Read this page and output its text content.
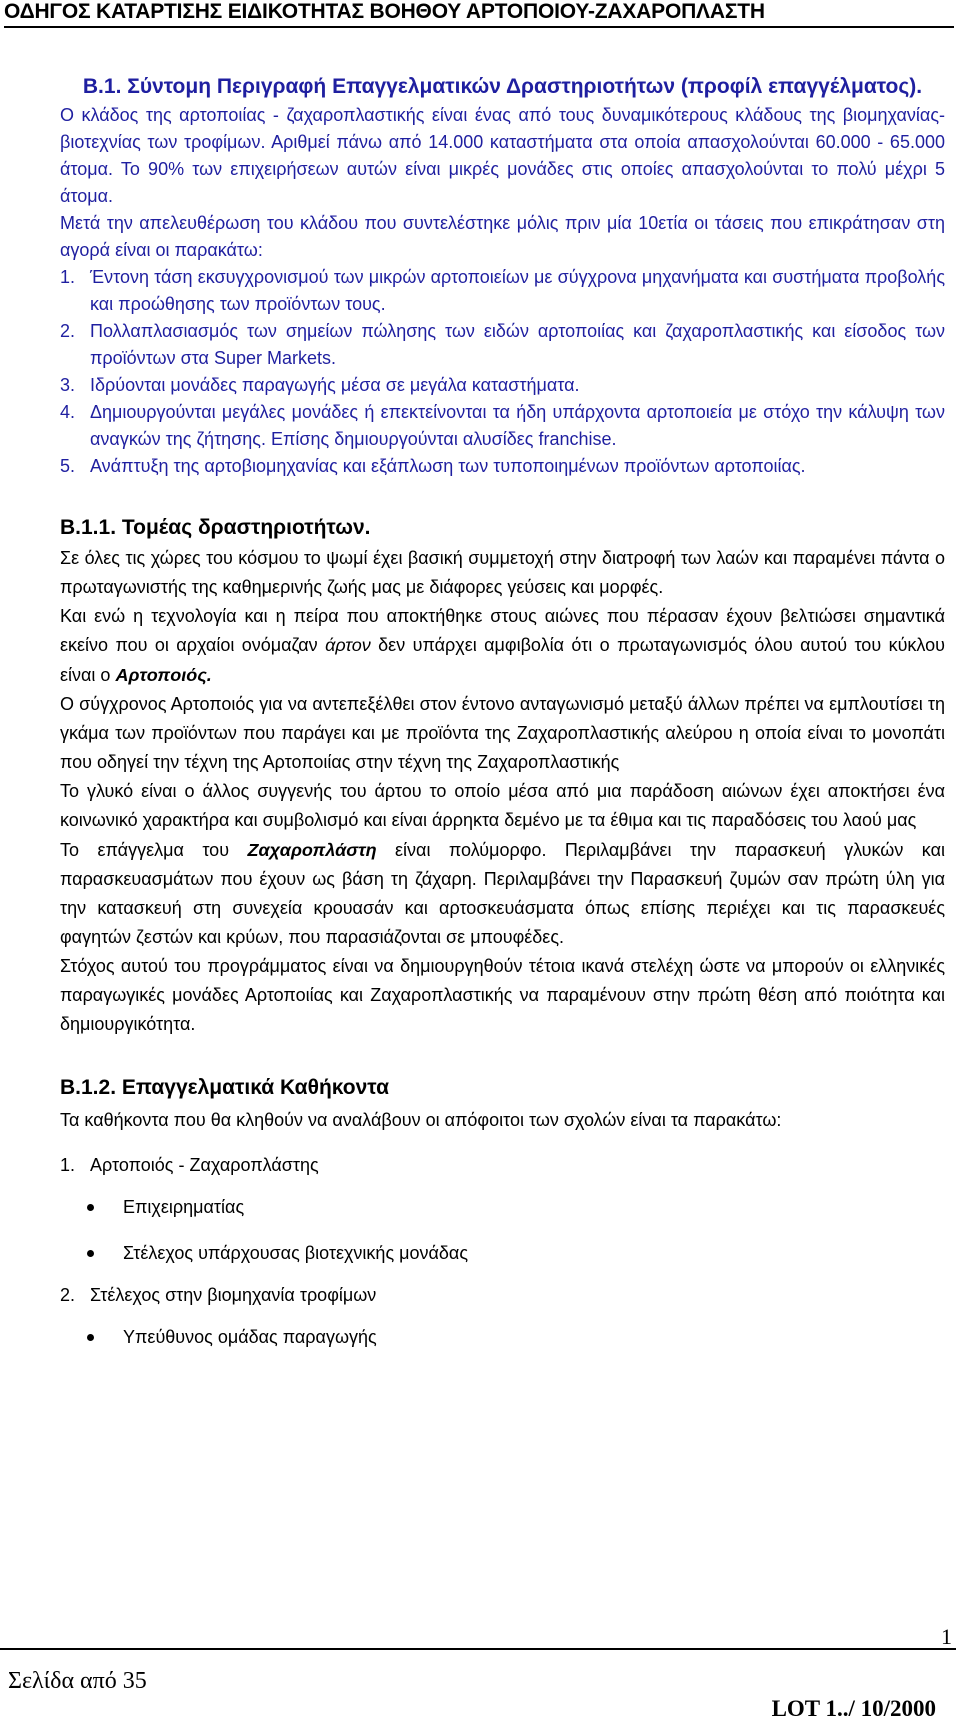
ΟΔΗΓΟΣ ΚΑΤΑΡΤΙΣΗΣ ΕΙΔΙΚΟΤΗΤΑΣ ΒΟΗΘΟΥ ΑΡΤΟΠΟΙΟΥ-ΖΑΧΑΡΟΠΛΑΣΤΗ
Β.1. Σύντομη Περιγραφή Επαγγελματικών Δραστηριοτήτων (προφίλ επαγγέλματος).

Ο κλάδος της αρτοποιίας - ζαχαροπλαστικής είναι ένας από τους δυναμικότερους κλάδους της βιομηχανίας-βιοτεχνίας των τροφίμων. Αριθμεί πάνω από 14.000 καταστήματα στα οποία απασχολούνται 60.000 - 65.000 άτομα. Το 90% των επιχειρήσεων αυτών είναι μικρές μονάδες στις οποίες απασχολούνται το πολύ μέχρι 5 άτομα.

Μετά την απελευθέρωση του κλάδου που συντελέστηκε μόλις πριν μία 10ετία οι τάσεις που επικράτησαν στη αγορά είναι οι παρακάτω:

1. Έντονη τάση εκσυγχρονισμού των μικρών αρτοποιείων με σύγχρονα μηχανήματα και συστήματα προβολής και προώθησης των προϊόντων τους.
2. Πολλαπλασιασμός των σημείων πώλησης των ειδών αρτοποιίας και ζαχαροπλαστικής και είσοδος των προϊόντων στα Super Markets.
3. Ιδρύονται μονάδες παραγωγής μέσα σε μεγάλα καταστήματα.
4. Δημιουργούνται μεγάλες μονάδες ή επεκτείνονται τα ήδη υπάρχοντα αρτοποιεία με στόχο την κάλυψη των αναγκών της ζήτησης. Επίσης δημιουργούνται αλυσίδες franchise.
5. Ανάπτυξη της αρτοβιομηχανίας και εξάπλωση των τυποποιημένων προϊόντων αρτοποιίας.
Β.1.1. Τομέας δραστηριοτήτων.

Σε όλες τις χώρες του κόσμου το ψωμί έχει βασική συμμετοχή στην διατροφή των λαών και παραμένει πάντα ο πρωταγωνιστής της καθημερινής ζωής μας με διάφορες γεύσεις και μορφές.

Και ενώ η τεχνολογία και η πείρα που αποκτήθηκε στους αιώνες που πέρασαν έχουν βελτιώσει σημαντικά εκείνο που οι αρχαίοι ονόμαζαν άρτον δεν υπάρχει αμφιβολία ότι ο πρωταγωνισμός όλου αυτού του κύκλου είναι ο Αρτοποιός.

Ο σύγχρονος Αρτοποιός για να αντεπεξέλθει στον έντονο ανταγωνισμό μεταξύ άλλων πρέπει να εμπλουτίσει τη γκάμα των προϊόντων που παράγει και με προϊόντα της Ζαχαροπλαστικής αλεύρου η οποία είναι το μονοπάτι που οδηγεί την τέχνη της Αρτοποιίας στην τέχνη της Ζαχαροπλαστικής

Το γλυκό είναι ο άλλος συγγενής του άρτου το οποίο μέσα από μια παράδοση αιώνων έχει αποκτήσει ένα κοινωνικό χαρακτήρα και συμβολισμό και είναι άρρηκτα δεμένο με τα έθιμα και τις παραδόσεις του λαού μας

Το επάγγελμα του Ζαχαροπλάστη είναι πολύμορφο. Περιλαμβάνει την παρασκευή γλυκών και παρασκευασμάτων που έχουν ως βάση τη ζάχαρη. Περιλαμβάνει την Παρασκευή ζυμών σαν πρώτη ύλη για την κατασκευή στη συνεχεία κρουασάν και αρτοσκευάσματα όπως επίσης περιέχει και τις παρασκευές φαγητών ζεστών και κρύων, που παρασιάζονται σε μπουφέδες.

Στόχος αυτού του προγράμματος είναι να δημιουργηθούν τέτοια ικανά στελέχη ώστε να μπορούν οι ελληνικές παραγωγικές μονάδες Αρτοποιίας και Ζαχαροπλαστικής να παραμένουν στην πρώτη θέση από ποιότητα και δημιουργικότητα.

Β.1.2. Επαγγελματικά Καθήκοντα

Τα καθήκοντα που θα κληθούν να αναλάβουν οι απόφοιτοι των σχολών είναι τα παρακάτω:

1. Αρτοποιός - Ζαχαροπλάστης
Επιχειρηματίας
Στέλεχος υπάρχουσας βιοτεχνικής μονάδας
2. Στέλεχος στην βιομηχανία τροφίμων
Υπεύθυνος ομάδας παραγωγής
1
Σελίδα από 35
LOT 1../ 10/2000
